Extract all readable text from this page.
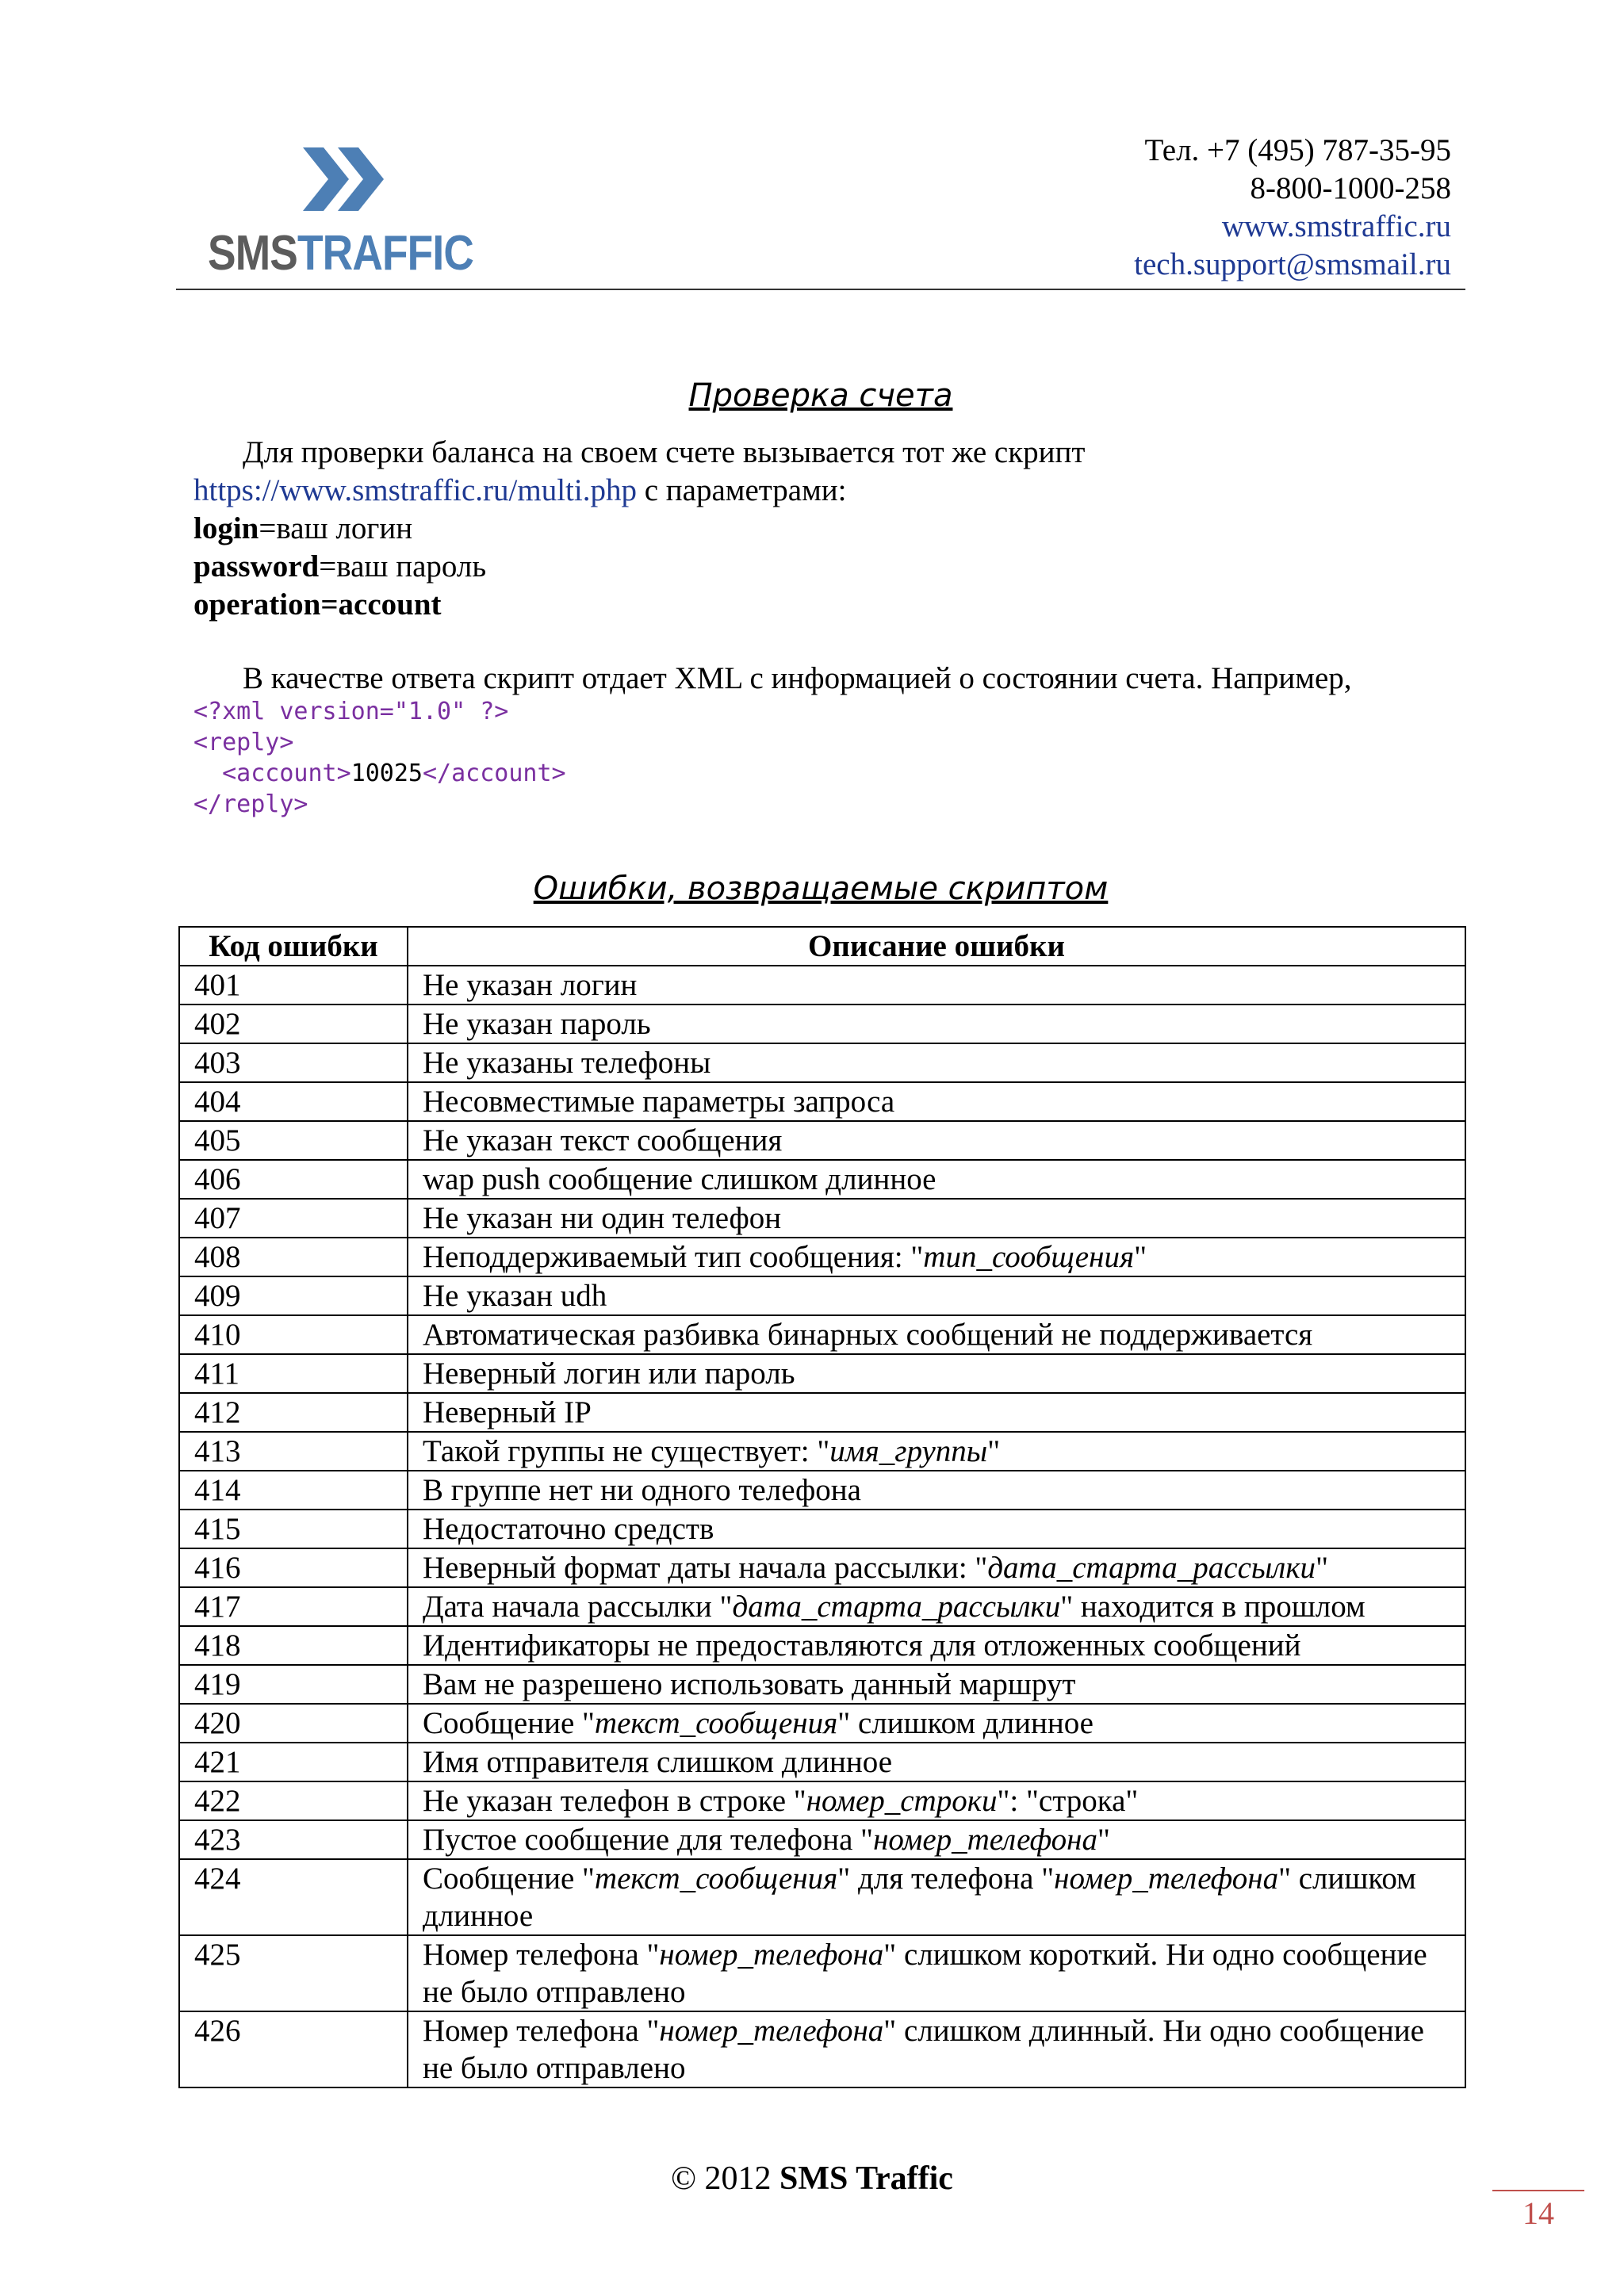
SMSTRAFFIC
Тел. +7 (495) 787-35-95
8-800-1000-258
www.smstraffic.ru
tech.support@smsmail.ru
Проверка счета
Для проверки баланса на своем счете вызывается тот же скрипт
https://www.smstraffic.ru/multi.php с параметрами:
login=ваш логин
password=ваш пароль
operation=account
В качестве ответа скрипт отдает XML с информацией о состоянии счета. Например,
<?xml version="1.0" ?>
<reply>
<account>10025</account>
</reply>
Ошибки, возвращаемые скриптом
Код ошибки	Описание ошибки
401	Не указан логин
402	Не указан пароль
403	Не указаны телефоны
404	Несовместимые параметры запроса
405	Не указан текст сообщения
406	wap push сообщение слишком длинное
407	Не указан ни один телефон
408	Неподдерживаемый тип сообщения: "тип_сообщения"
409	Не указан udh
410	Автоматическая разбивка бинарных сообщений не поддерживается
411	Неверный логин или пароль
412	Неверный IP
413	Такой группы не существует: "имя_группы"
414	В группе нет ни одного телефона
415	Недостаточно средств
416	Неверный формат даты начала рассылки: "дата_старта_рассылки"
417	Дата начала рассылки "дата_старта_рассылки" находится в прошлом
418	Идентификаторы не предоставляются для отложенных сообщений
419	Вам не разрешено использовать данный маршрут
420	Сообщение "текст_сообщения" слишком длинное
421	Имя отправителя слишком длинное
422	Не указан телефон в строке "номер_строки": "строка"
423	Пустое сообщение для телефона "номер_телефона"
424	Сообщение "текст_сообщения" для телефона "номер_телефона" слишком длинное
425	Номер телефона "номер_телефона" слишком короткий. Ни одно сообщение не было отправлено
426	Номер телефона "номер_телефона" слишком длинный. Ни одно сообщение не было отправлено
© 2012 SMS Traffic
14
